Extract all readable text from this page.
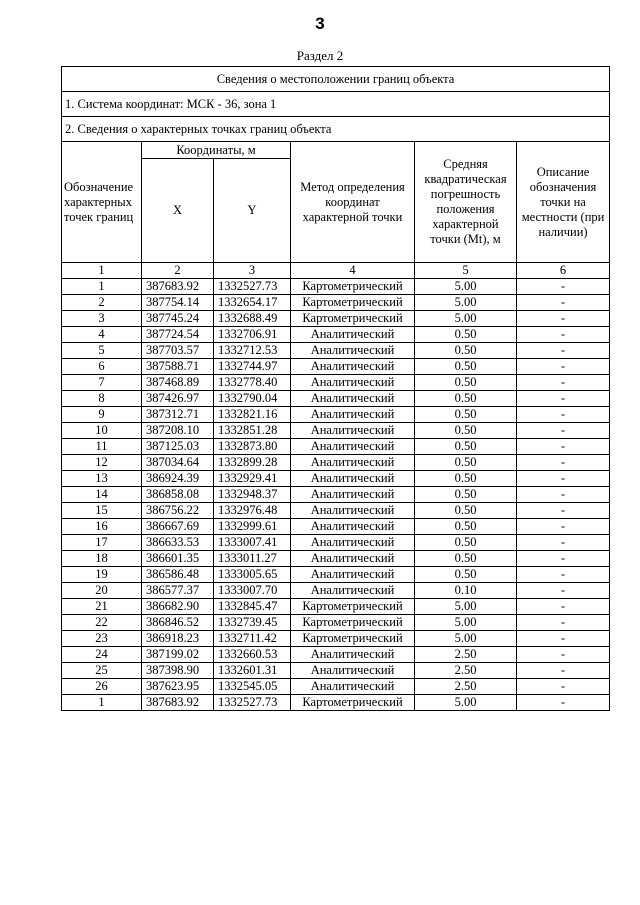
3
Раздел 2
Сведения о местоположении границ объекта					
1. Система координат: МСК - 36, зона 1					
2. Сведения о характерных точках границ объекта					
Обозначение характерных точек границ	Координаты, м		Метод определения координат характерной точки	Средняя квадратическая погрешность положения характерной точки (Mt), м	Описание обозначения точки на местности (при наличии)
	X	Y			
1	2	3	4	5	6
1	387683.92	1332527.73	Картометрический	5.00	-
2	387754.14	1332654.17	Картометрический	5.00	-
3	387745.24	1332688.49	Картометрический	5.00	-
4	387724.54	1332706.91	Аналитический	0.50	-
5	387703.57	1332712.53	Аналитический	0.50	-
6	387588.71	1332744.97	Аналитический	0.50	-
7	387468.89	1332778.40	Аналитический	0.50	-
8	387426.97	1332790.04	Аналитический	0.50	-
9	387312.71	1332821.16	Аналитический	0.50	-
10	387208.10	1332851.28	Аналитический	0.50	-
11	387125.03	1332873.80	Аналитический	0.50	-
12	387034.64	1332899.28	Аналитический	0.50	-
13	386924.39	1332929.41	Аналитический	0.50	-
14	386858.08	1332948.37	Аналитический	0.50	-
15	386756.22	1332976.48	Аналитический	0.50	-
16	386667.69	1332999.61	Аналитический	0.50	-
17	386633.53	1333007.41	Аналитический	0.50	-
18	386601.35	1333011.27	Аналитический	0.50	-
19	386586.48	1333005.65	Аналитический	0.50	-
20	386577.37	1333007.70	Аналитический	0.10	-
21	386682.90	1332845.47	Картометрический	5.00	-
22	386846.52	1332739.45	Картометрический	5.00	-
23	386918.23	1332711.42	Картометрический	5.00	-
24	387199.02	1332660.53	Аналитический	2.50	-
25	387398.90	1332601.31	Аналитический	2.50	-
26	387623.95	1332545.05	Аналитический	2.50	-
1	387683.92	1332527.73	Картометрический	5.00	-
